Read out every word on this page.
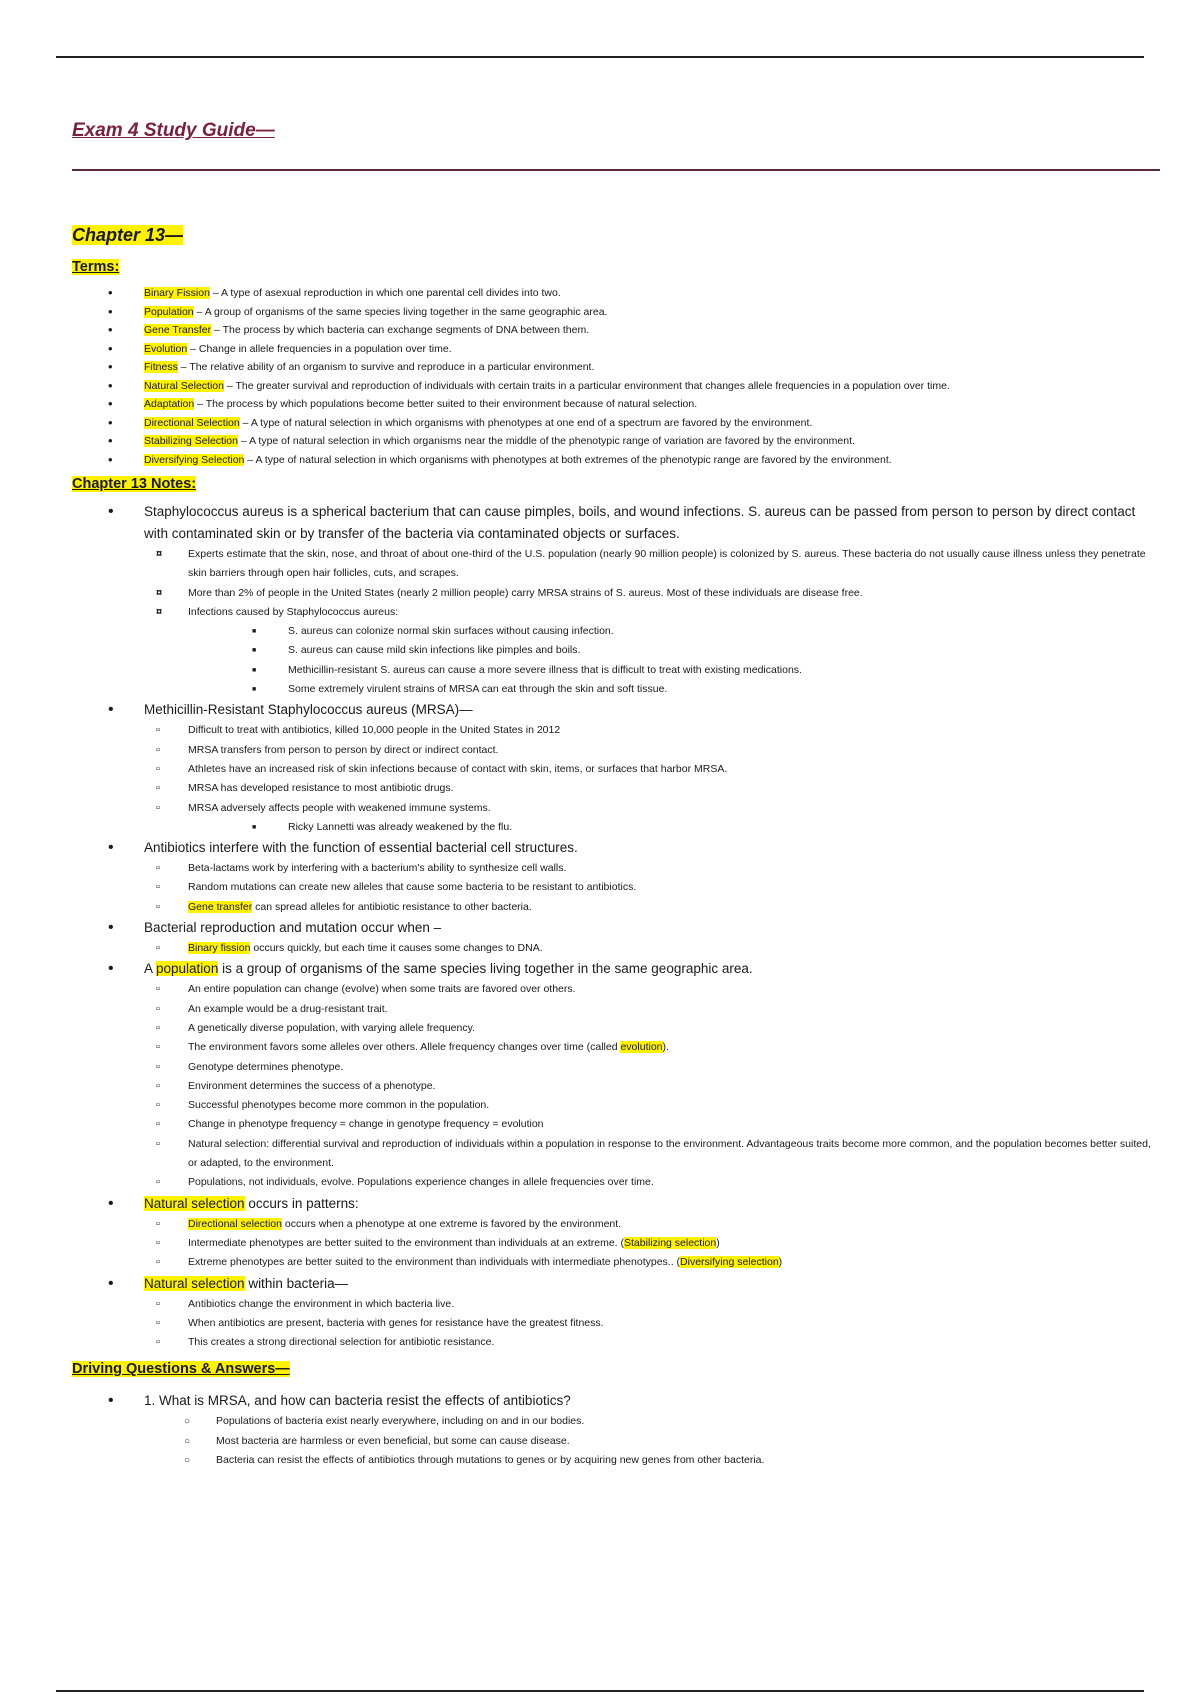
Exam 4 Study Guide—
Chapter 13—
Terms:
• Binary Fission – A type of asexual reproduction in which one parental cell divides into two.
• Population – A group of organisms of the same species living together in the same geographic area.
• Gene Transfer – The process by which bacteria can exchange segments of DNA between them.
• Evolution – Change in allele frequencies in a population over time.
• Fitness – The relative ability of an organism to survive and reproduce in a particular environment.
• Natural Selection – The greater survival and reproduction of individuals with certain traits in a particular environment that changes allele frequencies in a population over time.
• Adaptation – The process by which populations become better suited to their environment because of natural selection.
• Directional Selection – A type of natural selection in which organisms with phenotypes at one end of a spectrum are favored by the environment.
• Stabilizing Selection – A type of natural selection in which organisms near the middle of the phenotypic range of variation are favored by the environment.
• Diversifying Selection – A type of natural selection in which organisms with phenotypes at both extremes of the phenotypic range are favored by the environment.
Chapter 13 Notes:
• Staphylococcus aureus is a spherical bacterium that can cause pimples, boils, and wound infections. S. aureus can be passed from person to person by direct contact with contaminated skin or by transfer of the bacteria via contaminated objects or surfaces.
¤ Experts estimate that the skin, nose, and throat of about one-third of the U.S. population (nearly 90 million people) is colonized by S. aureus. These bacteria do not usually cause illness unless they penetrate skin barriers through open hair follicles, cuts, and scrapes.
¤ More than 2% of people in the United States (nearly 2 million people) carry MRSA strains of S. aureus. Most of these individuals are disease free.
¤ Infections caused by Staphylococcus aureus:
■ S. aureus can colonize normal skin surfaces without causing infection.
■ S. aureus can cause mild skin infections like pimples and boils.
■ Methicillin-resistant S. aureus can cause a more severe illness that is difficult to treat with existing medications.
■ Some extremely virulent strains of MRSA can eat through the skin and soft tissue.
• Methicillin-Resistant Staphylococcus aureus (MRSA)—
▫ Difficult to treat with antibiotics, killed 10,000 people in the United States in 2012
▫ MRSA transfers from person to person by direct or indirect contact.
▫ Athletes have an increased risk of skin infections because of contact with skin, items, or surfaces that harbor MRSA.
▫ MRSA has developed resistance to most antibiotic drugs.
▫ MRSA adversely affects people with weakened immune systems.
■ Ricky Lannetti was already weakened by the flu.
• Antibiotics interfere with the function of essential bacterial cell structures.
▫ Beta-lactams work by interfering with a bacterium's ability to synthesize cell walls.
▫ Random mutations can create new alleles that cause some bacteria to be resistant to antibiotics.
▫ Gene transfer can spread alleles for antibiotic resistance to other bacteria.
• Bacterial reproduction and mutation occur when –
▫ Binary fission occurs quickly, but each time it causes some changes to DNA.
• A population is a group of organisms of the same species living together in the same geographic area.
▫ An entire population can change (evolve) when some traits are favored over others.
▫ An example would be a drug-resistant trait.
▫ A genetically diverse population, with varying allele frequency.
▫ The environment favors some alleles over others. Allele frequency changes over time (called evolution).
▫ Genotype determines phenotype.
▫ Environment determines the success of a phenotype.
▫ Successful phenotypes become more common in the population.
▫ Change in phenotype frequency = change in genotype frequency = evolution
▫ Natural selection: differential survival and reproduction of individuals within a population in response to the environment. Advantageous traits become more common, and the population becomes better suited, or adapted, to the environment.
▫ Populations, not individuals, evolve. Populations experience changes in allele frequencies over time.
• Natural selection occurs in patterns:
▫ Directional selection occurs when a phenotype at one extreme is favored by the environment.
▫ Intermediate phenotypes are better suited to the environment than individuals at an extreme. (Stabilizing selection)
▫ Extreme phenotypes are better suited to the environment than individuals with intermediate phenotypes.. (Diversifying selection)
• Natural selection within bacteria—
▫ Antibiotics change the environment in which bacteria live.
▫ When antibiotics are present, bacteria with genes for resistance have the greatest fitness.
▫ This creates a strong directional selection for antibiotic resistance.
Driving Questions & Answers—
• 1. What is MRSA, and how can bacteria resist the effects of antibiotics?
○ Populations of bacteria exist nearly everywhere, including on and in our bodies.
○ Most bacteria are harmless or even beneficial, but some can cause disease.
○ Bacteria can resist the effects of antibiotics through mutations to genes or by acquiring new genes from other bacteria.
